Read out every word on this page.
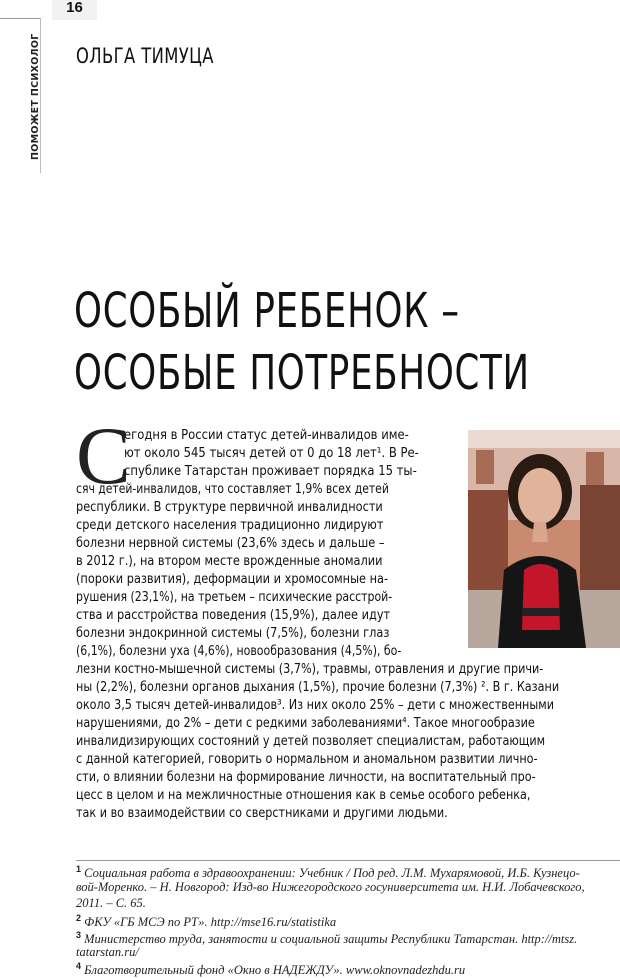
16
ПОМОЖЕТ ПСИХОЛОГ ОЛЬГА ТИМУЦА
ОСОБЫЙ РЕБЕНОК –
ОСОБЫЕ ПОТРЕБНОСТИ
С
егодня в России статус детей-инвалидов име-
ют около 545 тысяч детей от 0 до 18 лет¹. В Ре-
спублике Татарстан проживает порядка 15 ты-
сяч детей-инвалидов, что составляет 1,9% всех детей
республики. В структуре первичной инвалидности
среди детского населения традиционно лидируют
болезни нервной системы (23,6% здесь и дальше –
в 2012 г.), на втором месте врожденные аномалии
(пороки развития), деформации и хромосомные на-
рушения (23,1%), на третьем – психические расстрой-
ства и расстройства поведения (15,9%), далее идут
болезни эндокринной системы (7,5%), болезни глаз
(6,1%), болезни уха (4,6%), новообразования (4,5%), бо-
лезни костно-мышечной системы (3,7%), травмы, отравления и другие причи-
ны (2,2%), болезни органов дыхания (1,5%), прочие болезни (7,3%) ². В г. Казани
около 3,5 тысяч детей-инвалидов³. Из них около 25% – дети с множественными
нарушениями, до 2% – дети с редкими заболеваниями⁴. Такое многообразие
инвалидизирующих состояний у детей позволяет специалистам, работающим
с данной категорией, говорить о нормальном и аномальном развитии лично-
сти, о влиянии болезни на формирование личности, на воспитательный про-
цесс в целом и на межличностные отношения как в семье особого ребенка,
так и во взаимодействии со сверстниками и другими людьми.
$^1$ Социальная работа в здравоохранении: Учебник / Под ред. Л.М. Мухарямовой, И.Б. Кузнецо-
вой-Моренко. – Н. Новгород: Изд-во Нижегородского госуниверситета им. Н.И. Лобачевского,
2011. – С. 65.
$^2$ ФКУ «ГБ МСЭ по РТ». http://mse16.ru/statistika
$^3$ Министерство труда, занятости и социальной защиты Республики Татарстан. http://mtsz.
tatarstan.ru/
$^4$ Благотворительный фонд «Окно в НАДЕЖДУ». www.oknovnadezhdu.ru
